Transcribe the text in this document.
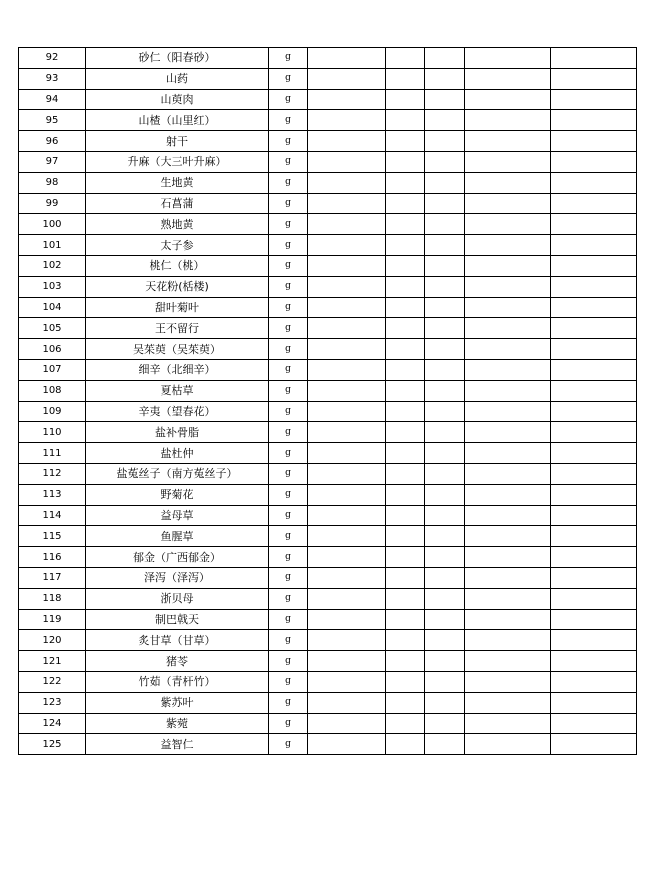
92	砂仁（阳春砂）	g					
93	山药	g					
94	山萸肉	g					
95	山楂（山里红）	g					
96	射干	g					
97	升麻（大三叶升麻）	g					
98	生地黄	g					
99	石菖蒲	g					
100	熟地黄	g					
101	太子参	g					
102	桃仁（桃）	g					
103	天花粉(栝楼)	g					
104	甜叶菊叶	g					
105	王不留行	g					
106	吴茱萸（吴茱萸）	g					
107	细辛（北细辛）	g					
108	夏枯草	g					
109	辛夷（望春花）	g					
110	盐补骨脂	g					
111	盐杜仲	g					
112	盐菟丝子（南方菟丝子）	g					
113	野菊花	g					
114	益母草	g					
115	鱼腥草	g					
116	郁金（广西郁金）	g					
117	泽泻（泽泻）	g					
118	浙贝母	g					
119	制巴戟天	g					
120	炙甘草（甘草）	g					
121	猪苓	g					
122	竹茹（青杆竹）	g					
123	紫苏叶	g					
124	紫菀	g					
125	益智仁	g					
